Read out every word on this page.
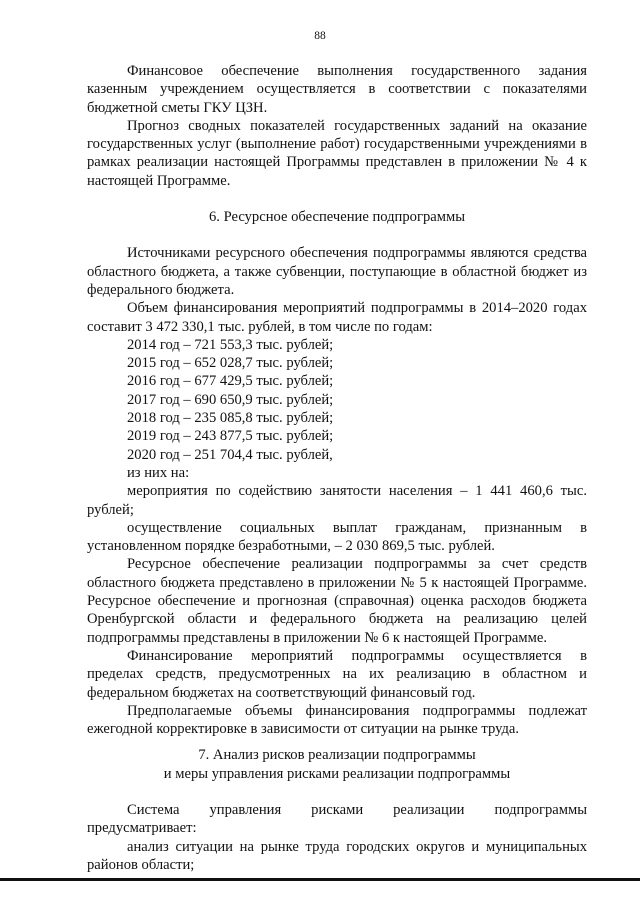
88

Финансовое обеспечение выполнения государственного задания казенным учреждением осуществляется в соответствии с показателями бюджетной сметы ГКУ ЦЗН.

Прогноз сводных показателей государственных заданий на оказание государственных услуг (выполнение работ) государственными учреждениями в рамках реализации настоящей Программы представлен в приложении № 4 к настоящей Программе.

6. Ресурсное обеспечение подпрограммы

Источниками ресурсного обеспечения подпрограммы являются средства областного бюджета, а также субвенции, поступающие в областной бюджет из федерального бюджета.

Объем финансирования мероприятий подпрограммы в 2014–2020 годах составит 3 472 330,1 тыс. рублей, в том числе по годам:

2014 год – 721 553,3 тыс. рублей;

2015 год – 652 028,7 тыс. рублей;

2016 год – 677 429,5 тыс. рублей;

2017 год – 690 650,9 тыс. рублей;

2018 год – 235 085,8 тыс. рублей;

2019 год – 243 877,5 тыс. рублей;

2020 год – 251 704,4 тыс. рублей,

из них на:

мероприятия по содействию занятости населения – 1 441 460,6 тыс. рублей;

осуществление социальных выплат гражданам, признанным в установленном порядке безработными, – 2 030 869,5 тыс. рублей.

Ресурсное обеспечение реализации подпрограммы за счет средств областного бюджета представлено в приложении № 5 к настоящей Программе. Ресурсное обеспечение и прогнозная (справочная) оценка расходов бюджета Оренбургской области и федерального бюджета на реализацию целей подпрограммы представлены в приложении № 6 к настоящей Программе.

Финансирование мероприятий подпрограммы осуществляется в пределах средств, предусмотренных на их реализацию в областном и федеральном бюджетах на соответствующий финансовый год.

Предполагаемые объемы финансирования подпрограммы подлежат ежегодной корректировке в зависимости от ситуации на рынке труда.

7. Анализ рисков реализации подпрограммы

и меры управления рисками реализации подпрограммы

Система управления рисками реализации подпрограммы предусматривает:

анализ ситуации на рынке труда городских округов и муниципальных районов области;
